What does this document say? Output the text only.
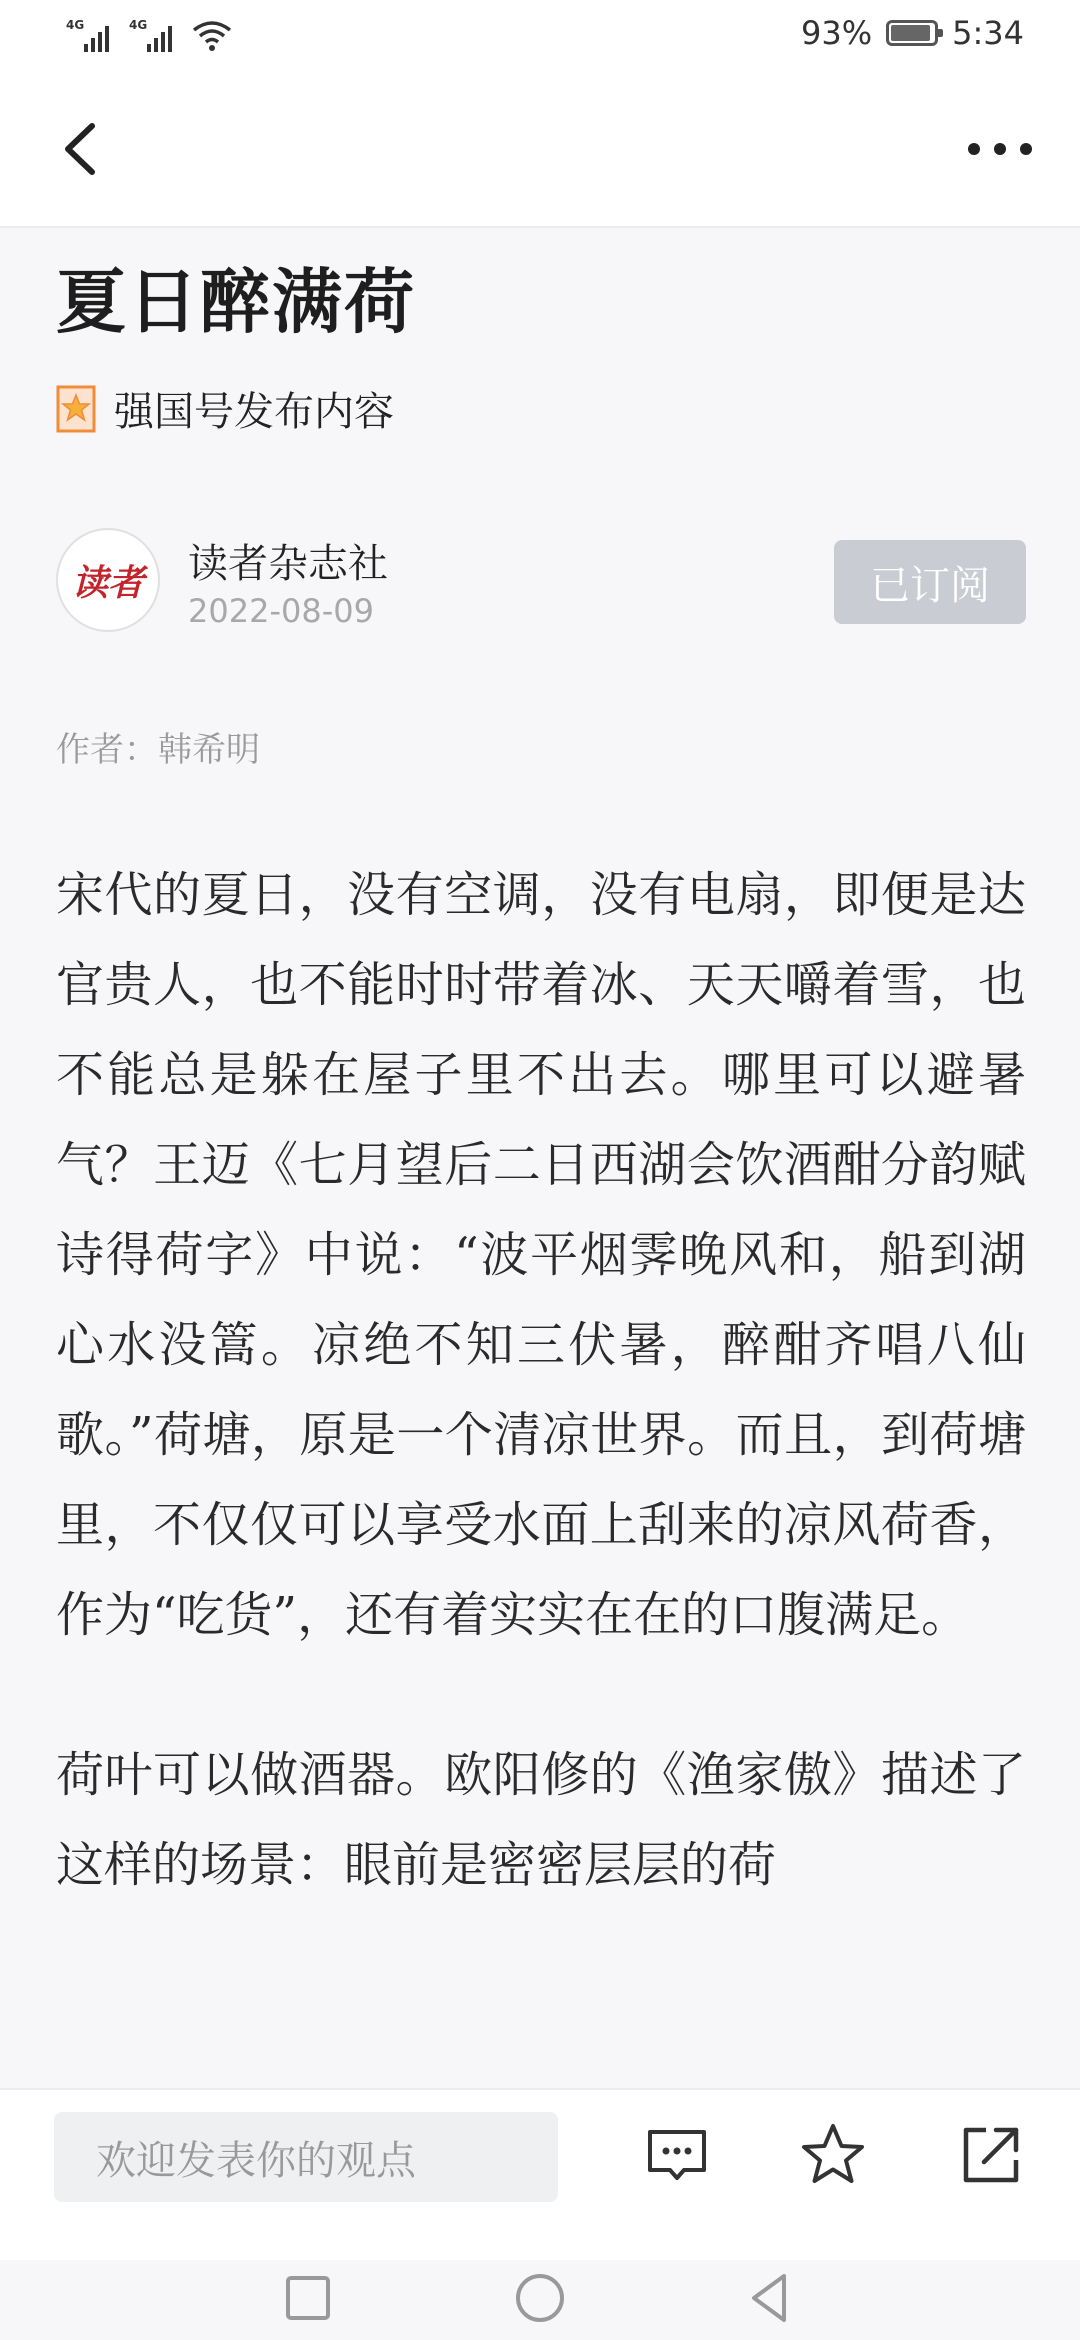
4G	4G	93%	5:34
夏日醉满荷
强国号发布内容
读者	读者杂志社
2022-08-09
已订阅
作者：韩希明

宋代的夏日，没有空调，没有电扇，即便是达官贵人，也不能时时带着冰、天天嚼着雪，也不能总是躲在屋子里不出去。哪里可以避暑气？王迈《七月望后二日西湖会饮酒酣分韵赋诗得荷字》中说：“波平烟霁晚风和，船到湖心水没篙。凉绝不知三伏暑，醉酣齐唱八仙歌。”荷塘，原是一个清凉世界。而且，到荷塘里，不仅仅可以享受水面上刮来的凉风荷香，作为“吃货”，还有着实实在在的口腹满足。

荷叶可以做酒器。欧阳修的《渔家傲》描述了这样的场景：眼前是密密层层的荷

欢迎发表你的观点
